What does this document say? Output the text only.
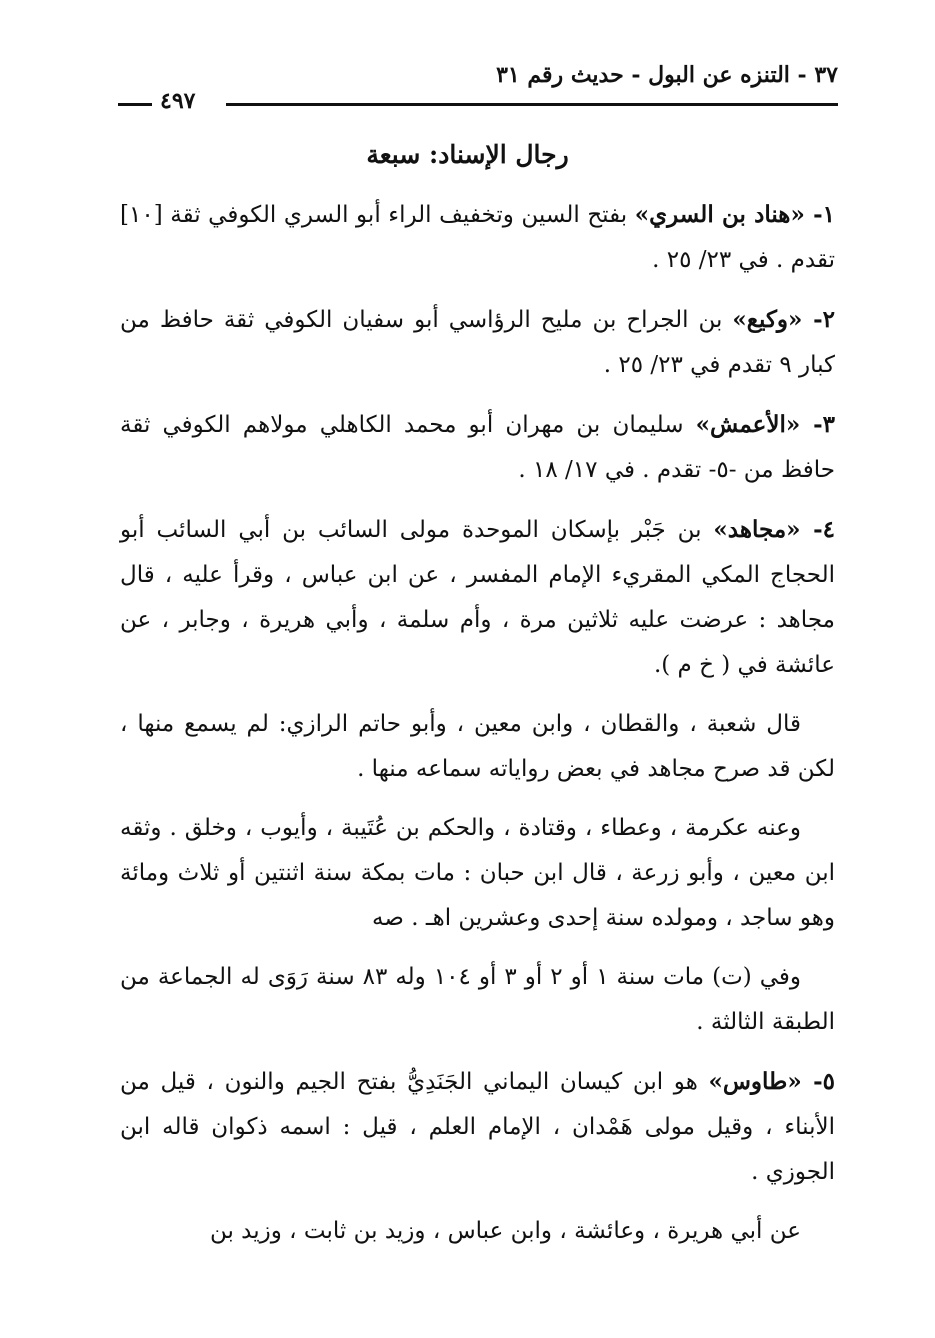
٣٧ - التنزه عن البول - حديث رقم ٣١
٤٩٧
رجال الإسناد: سبعة

١- «هناد بن السري» بفتح السين وتخفيف الراء أبو السري الكوفي ثقة [١٠] تقدم . في ٢٣/ ٢٥ .

٢- «وكيع» بن الجراح بن مليح الرؤاسي أبو سفيان الكوفي ثقة حافظ من كبار ٩ تقدم في ٢٣/ ٢٥ .

٣- «الأعمش» سليمان بن مهران أبو محمد الكاهلي مولاهم الكوفي ثقة حافظ من -٥- تقدم . في ١٧/ ١٨ .

٤- «مجاهد» بن جَبْر بإسكان الموحدة مولى السائب بن أبي السائب أبو الحجاج المكي المقريء الإمام المفسر ، عن ابن عباس ، وقرأ عليه ، قال مجاهد : عرضت عليه ثلاثين مرة ، وأم سلمة ، وأبي هريرة ، وجابر ، عن عائشة في ( خ م ).

قال شعبة ، والقطان ، وابن معين ، وأبو حاتم الرازي: لم يسمع منها ، لكن قد صرح مجاهد في بعض رواياته سماعه منها .

وعنه عكرمة ، وعطاء ، وقتادة ، والحكم بن عُتَيبة ، وأيوب ، وخلق . وثقه ابن معين ، وأبو زرعة ، قال ابن حبان : مات بمكة سنة اثنتين أو ثلاث ومائة وهو ساجد ، ومولده سنة إحدى وعشرين اهـ . صه

وفي (ت) مات سنة ١ أو ٢ أو ٣ أو ١٠٤ وله ٨٣ سنة رَوَى له الجماعة من الطبقة الثالثة .

٥- «طاوس» هو ابن كيسان اليماني الجَنَدِيُّ بفتح الجيم والنون ، قيل من الأبناء ، وقيل مولى هَمْدان ، الإمام العلم ، قيل : اسمه ذكوان قاله ابن الجوزي .

عن أبي هريرة ، وعائشة ، وابن عباس ، وزيد بن ثابت ، وزيد بن
